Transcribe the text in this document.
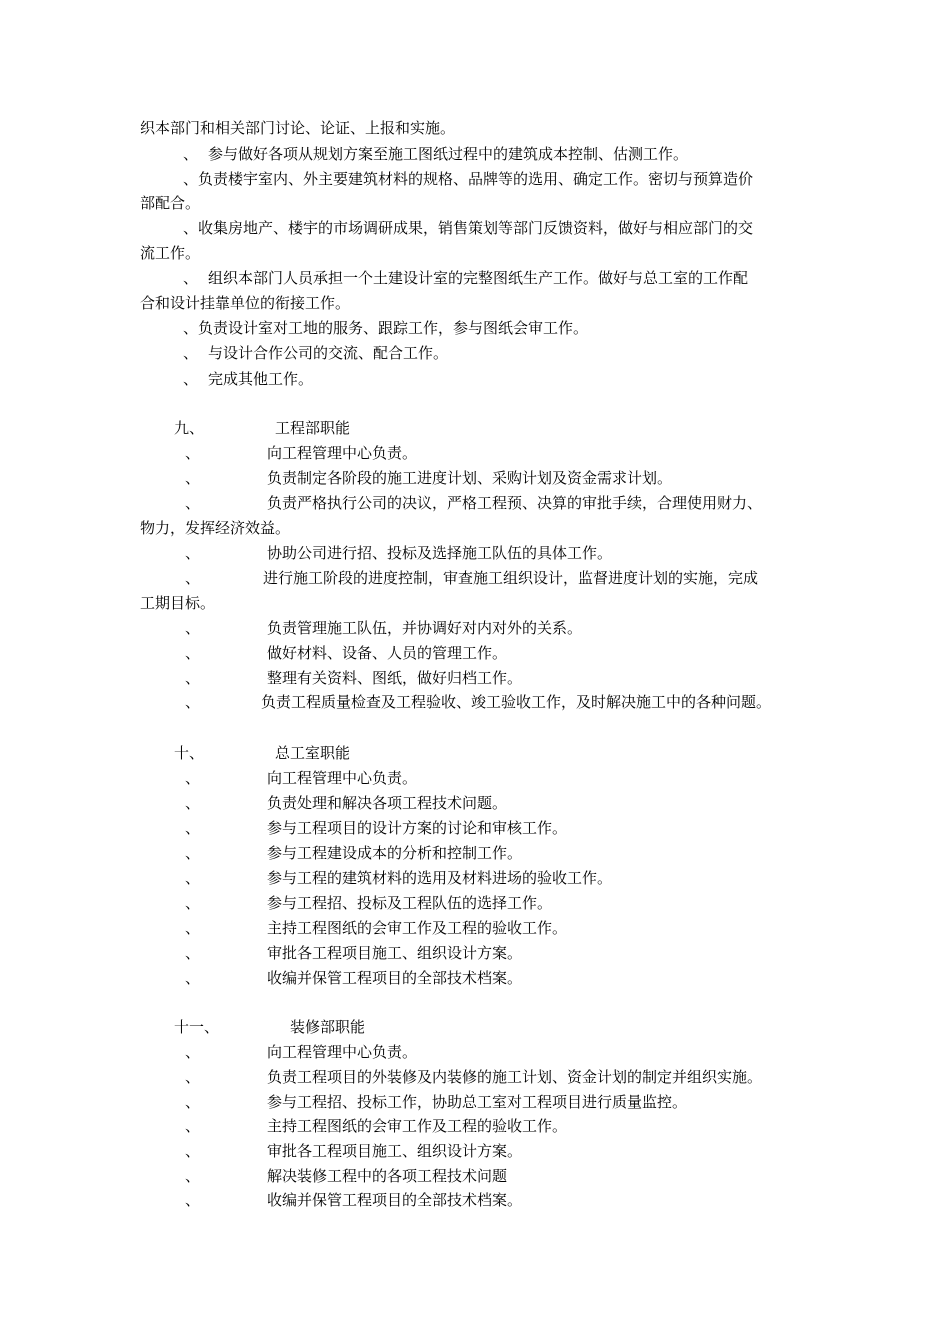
织本部门和相关部门讨论、论证、上报和实施。
、 参与做好各项从规划方案至施工图纸过程中的建筑成本控制、估测工作。
、 负责楼宇室内、外主要建筑材料的规格、品牌等的选用、确定工作。密切与预算造价
部配合。
、 收集房地产、楼宇的市场调研成果，销售策划等部门反馈资料，做好与相应部门的交
流工作。
、 组织本部门人员承担一个土建设计室的完整图纸生产工作。做好与总工室的工作配
合和设计挂靠单位的衔接工作。
、 负责设计室对工地的服务、跟踪工作，参与图纸会审工作。
、 与设计合作公司的交流、配合工作。
、 完成其他工作。
九、	工程部职能
、	向工程管理中心负责。
、	负责制定各阶段的施工进度计划、采购计划及资金需求计划。
、	负责严格执行公司的决议，严格工程预、决算的审批手续，合理使用财力、
物力，发挥经济效益。
、	协助公司进行招、投标及选择施工队伍的具体工作。
、	进行施工阶段的进度控制，审查施工组织设计，监督进度计划的实施，完成
工期目标。
、	负责管理施工队伍，并协调好对内对外的关系。
、	做好材料、设备、人员的管理工作。
、	整理有关资料、图纸，做好归档工作。
、	负责工程质量检查及工程验收、竣工验收工作，及时解决施工中的各种问题。
十、	总工室职能
、	向工程管理中心负责。
、	负责处理和解决各项工程技术问题。
、	参与工程项目的设计方案的讨论和审核工作。
、	参与工程建设成本的分析和控制工作。
、	参与工程的建筑材料的选用及材料进场的验收工作。
、	参与工程招、投标及工程队伍的选择工作。
、	主持工程图纸的会审工作及工程的验收工作。
、	审批各工程项目施工、组织设计方案。
、	收编并保管工程项目的全部技术档案。
十一、	装修部职能
、	向工程管理中心负责。
、	负责工程项目的外装修及内装修的施工计划、资金计划的制定并组织实施。
、	参与工程招、投标工作，协助总工室对工程项目进行质量监控。
、	主持工程图纸的会审工作及工程的验收工作。
、	审批各工程项目施工、组织设计方案。
、	解决装修工程中的各项工程技术问题
、	收编并保管工程项目的全部技术档案。
